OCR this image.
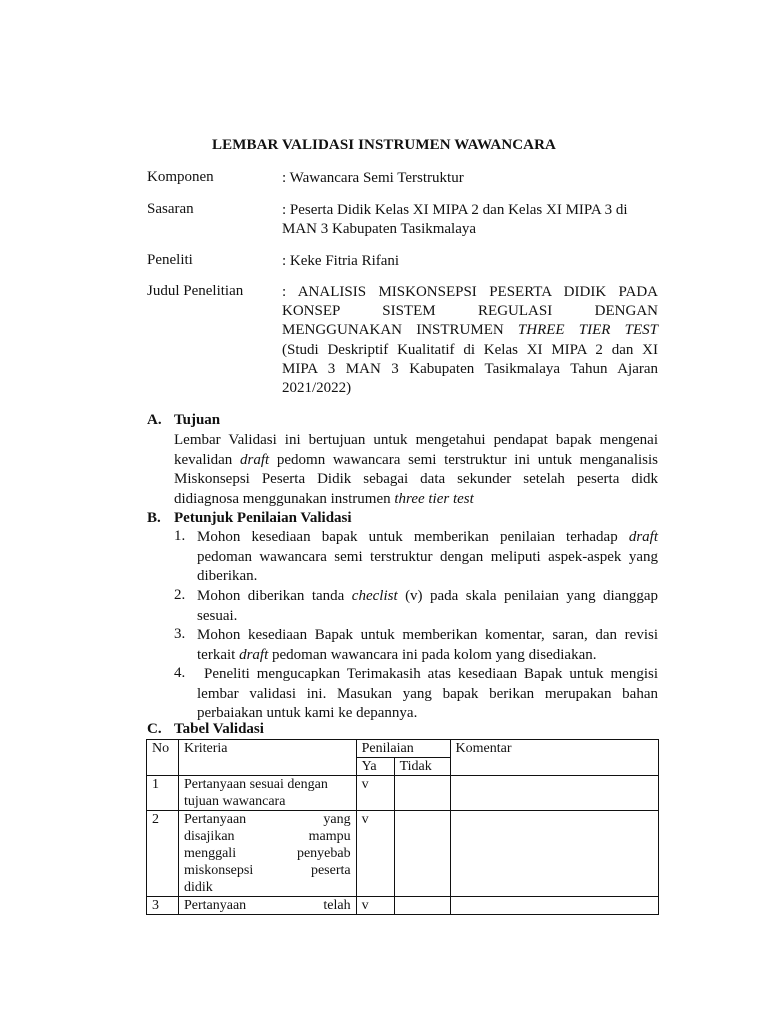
LEMBAR VALIDASI INSTRUMEN WAWANCARA
Komponen	: Wawancara Semi Terstruktur
Sasaran	: Peserta Didik Kelas XI MIPA 2 dan Kelas XI MIPA 3 di
MAN 3 Kabupaten Tasikmalaya
Peneliti	: Keke Fitria Rifani
Judul Penelitian	: ANALISIS MISKONSEPSI PESERTA DIDIK PADA
KONSEP SISTEM REGULASI DENGAN
MENGGUNAKAN INSTRUMEN THREE TIER TEST
(Studi Deskriptif Kualitatif di Kelas XI MIPA 2 dan XI
MIPA 3 MAN 3 Kabupaten Tasikmalaya Tahun Ajaran
2021/2022)
A. Tujuan
Lembar Validasi ini bertujuan untuk mengetahui pendapat bapak mengenai
kevalidan draft pedomn wawancara semi terstruktur ini untuk menganalisis
Miskonsepsi Peserta Didik sebagai data sekunder setelah peserta didk
didiagnosa menggunakan instrumen three tier test
B. Petunjuk Penilaian Validasi
1. Mohon kesediaan bapak untuk memberikan penilaian terhadap draft
pedoman wawancara semi terstruktur dengan meliputi aspek-aspek yang
diberikan.
2. Mohon diberikan tanda checlist (v) pada skala penilaian yang dianggap
sesuai.
3. Mohon kesediaan Bapak untuk memberikan komentar, saran, dan revisi
terkait draft pedoman wawancara ini pada kolom yang disediakan.
4. Peneliti mengucapkan Terimakasih atas kesediaan Bapak untuk mengisi
lembar validasi ini. Masukan yang bapak berikan merupakan bahan
perbaiakan untuk kami ke depannya.
C. Tabel Validasi
No	Kriteria	Penilaian		Komentar
		Ya	Tidak	
1	Pertanyaan sesuai dengan
tujuan wawancara	v		
2	Pertanyaan yang
disajikan mampu
menggali penyebab
miskonsepsi peserta
didik	v		
3	Pertanyaan telah	v		
